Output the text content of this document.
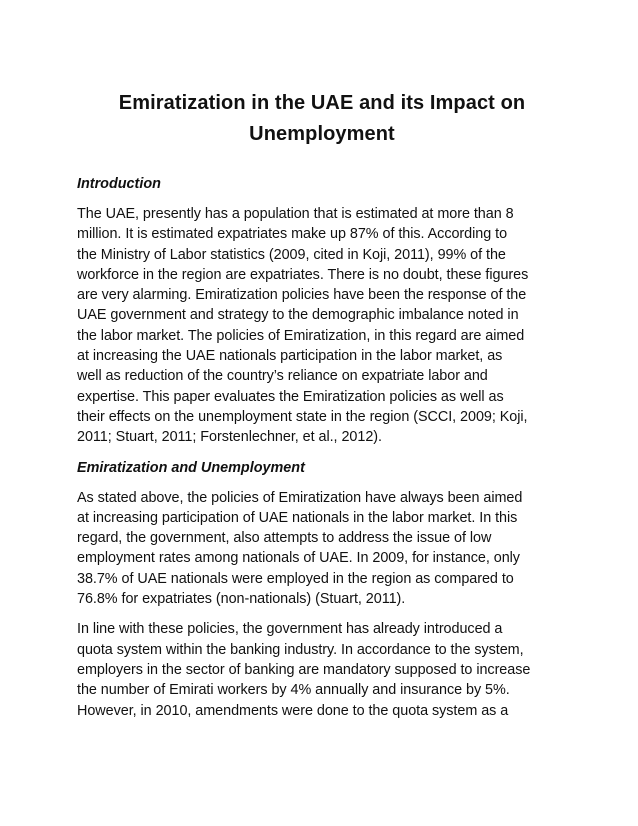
Emiratization in the UAE and its Impact on
Unemployment
Introduction

The UAE, presently has a population that is estimated at more than 8
million. It is estimated expatriates make up 87% of this. According to
the Ministry of Labor statistics (2009, cited in Koji, 2011), 99% of the
workforce in the region are expatriates. There is no doubt, these figures
are very alarming. Emiratization policies have been the response of the
UAE government and strategy to the demographic imbalance noted in
the labor market. The policies of Emiratization, in this regard are aimed
at increasing the UAE nationals participation in the labor market, as
well as reduction of the country’s reliance on expatriate labor and
expertise. This paper evaluates the Emiratization policies as well as
their effects on the unemployment state in the region (SCCI, 2009; Koji,
2011; Stuart, 2011; Forstenlechner, et al., 2012).

Emiratization and Unemployment

As stated above, the policies of Emiratization have always been aimed
at increasing participation of UAE nationals in the labor market. In this
regard, the government, also attempts to address the issue of low
employment rates among nationals of UAE. In 2009, for instance, only
38.7% of UAE nationals were employed in the region as compared to
76.8% for expatriates (non-nationals) (Stuart, 2011).

In line with these policies, the government has already introduced a
quota system within the banking industry. In accordance to the system,
employers in the sector of banking are mandatory supposed to increase
the number of Emirati workers by 4% annually and insurance by 5%.
However, in 2010, amendments were done to the quota system as a
